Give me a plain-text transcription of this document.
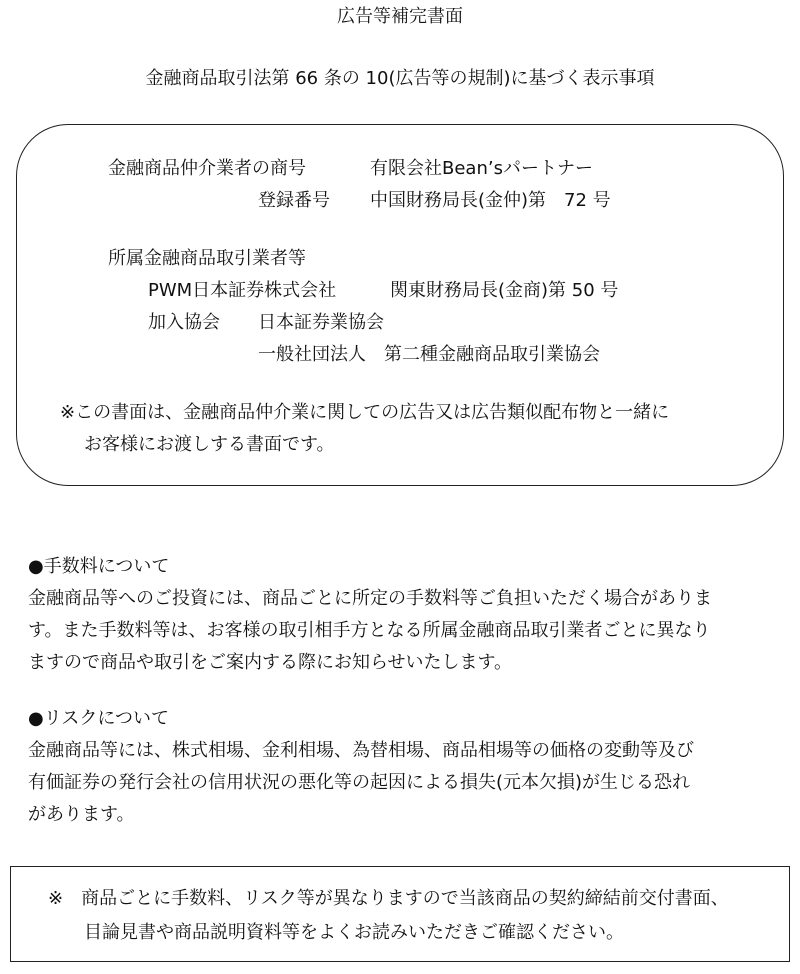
広告等補完書面
金融商品取引法第 66 条の 10(広告等の規制)に基づく表示事項
金融商品仲介業者の商号	有限会社Bean’sパートナー
登録番号 中国財務局長(金仲)第　72 号
所属金融商品取引業者等
PWM日本証券株式会社	関東財務局長(金商)第 50 号
加入協会 日本証券業協会
一般社団法人　第二種金融商品取引業協会
※この書面は、金融商品仲介業に関しての広告又は広告類似配布物と一緒に
お客様にお渡しする書面です。
●手数料について
金融商品等へのご投資には、商品ごとに所定の手数料等ご負担いただく場合がありま
す。また手数料等は、お客様の取引相手方となる所属金融商品取引業者ごとに異なり
ますので商品や取引をご案内する際にお知らせいたします。
●リスクについて
金融商品等には、株式相場、金利相場、為替相場、商品相場等の価格の変動等及び
有価証券の発行会社の信用状況の悪化等の起因による損失(元本欠損)が生じる恐れ
があります。
※　商品ごとに手数料、リスク等が異なりますので当該商品の契約締結前交付書面、
目論見書や商品説明資料等をよくお読みいただきご確認ください。
